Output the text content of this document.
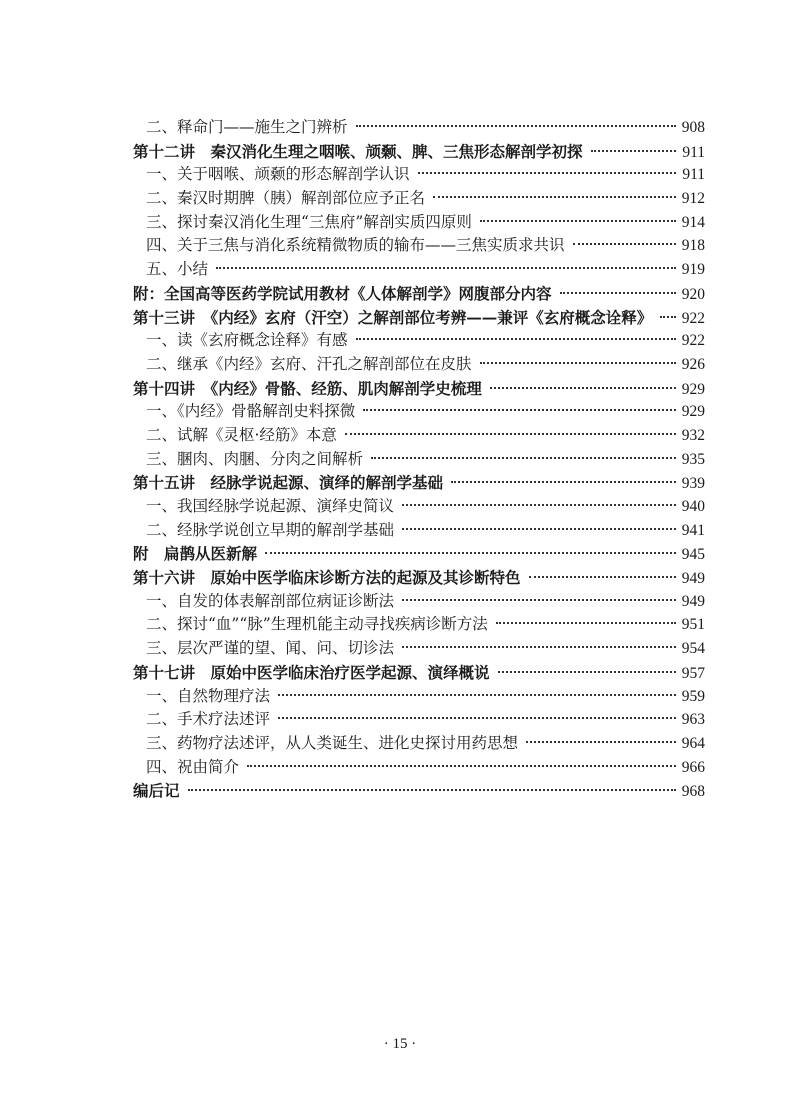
二、释命门——施生之门辨析	908
第十二讲　秦汉消化生理之咽喉、颃颡、脾、三焦形态解剖学初探	911
一、关于咽喉、颃颡的形态解剖学认识	911
二、秦汉时期脾（胰）解剖部位应予正名	912
三、探讨秦汉消化生理“三焦府”解剖实质四原则	914
四、关于三焦与消化系统精微物质的输布——三焦实质求共识	918
五、小结	919
附：全国高等医药学院试用教材《人体解剖学》网腹部分内容	920
第十三讲　《内经》玄府（汗空）之解剖部位考辨——兼评《玄府概念诠释》 922
一、读《玄府概念诠释》有感	922
二、继承《内经》玄府、汗孔之解剖部位在皮肤	926
第十四讲　《内经》骨骼、经筋、肌肉解剖学史梳理	929
一、《内经》骨骼解剖史料探微	929
二、试解《灵枢·经筋》本意	932
三、䐃肉、肉䐃、分肉之间解析	935
第十五讲　经脉学说起源、演绎的解剖学基础	939
一、我国经脉学说起源、演绎史简议	940
二、经脉学说创立早期的解剖学基础	941
附　扁鹊从医新解	945
第十六讲　原始中医学临床诊断方法的起源及其诊断特色	949
一、自发的体表解剖部位病证诊断法	949
二、探讨“血”“脉”生理机能主动寻找疾病诊断方法	951
三、层次严谨的望、闻、问、切诊法	954
第十七讲　原始中医学临床治疗医学起源、演绎概说	957
一、自然物理疗法	959
二、手术疗法述评	963
三、药物疗法述评，从人类诞生、进化史探讨用药思想	964
四、祝由简介	966
编后记	968
· 15 ·
